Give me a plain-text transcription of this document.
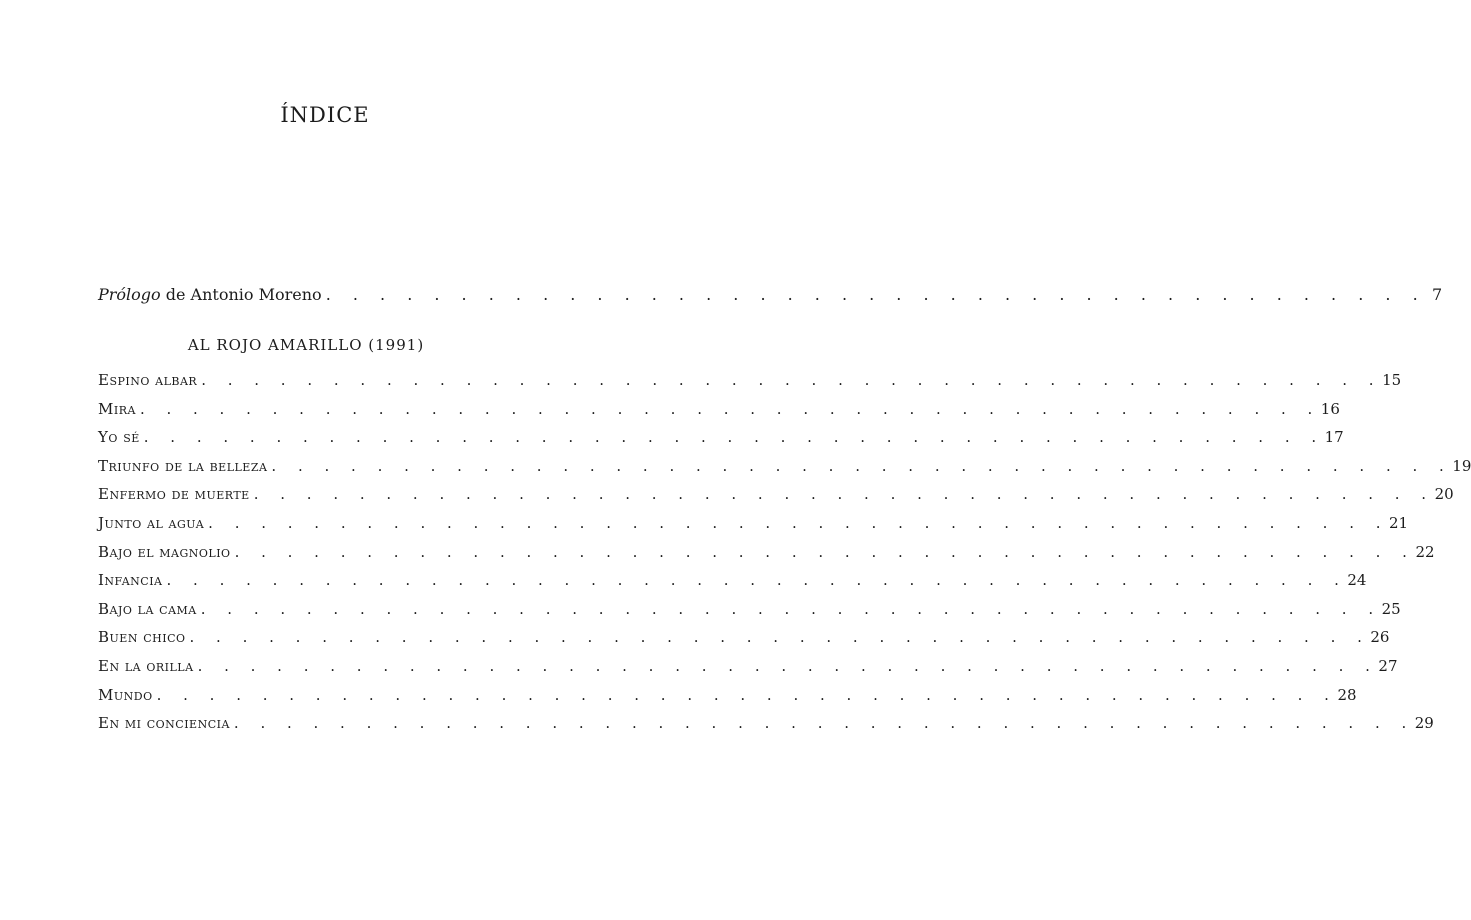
ÍNDICE
Prólogo de Antonio Moreno . . . . . . . . . . . . . . . . . . . . . . . . . . . . . . . . . . . . . . . . . 7
AL ROJO AMARILLO (1991)
Espino albar . . . . . . . . . . . . . . . . . . . . . . . . . . . . . . . . . . . . . . . . . . . . . 15
Mira . . . . . . . . . . . . . . . . . . . . . . . . . . . . . . . . . . . . . . . . . . . . . 16
Yo sé . . . . . . . . . . . . . . . . . . . . . . . . . . . . . . . . . . . . . . . . . . . . . 17
Triunfo de la belleza . . . . . . . . . . . . . . . . . . . . . . . . . . . . . . . . . . . . . . . . . . . . . 19
Enfermo de muerte . . . . . . . . . . . . . . . . . . . . . . . . . . . . . . . . . . . . . . . . . . . . . 20
Junto al agua . . . . . . . . . . . . . . . . . . . . . . . . . . . . . . . . . . . . . . . . . . . . . 21
Bajo el magnolio . . . . . . . . . . . . . . . . . . . . . . . . . . . . . . . . . . . . . . . . . . . . . 22
Infancia . . . . . . . . . . . . . . . . . . . . . . . . . . . . . . . . . . . . . . . . . . . . . 24
Bajo la cama . . . . . . . . . . . . . . . . . . . . . . . . . . . . . . . . . . . . . . . . . . . . . 25
Buen chico . . . . . . . . . . . . . . . . . . . . . . . . . . . . . . . . . . . . . . . . . . . . . 26
En la orilla . . . . . . . . . . . . . . . . . . . . . . . . . . . . . . . . . . . . . . . . . . . . . 27
Mundo . . . . . . . . . . . . . . . . . . . . . . . . . . . . . . . . . . . . . . . . . . . . . 28
En mi conciencia . . . . . . . . . . . . . . . . . . . . . . . . . . . . . . . . . . . . . . . . . . . . . 29
